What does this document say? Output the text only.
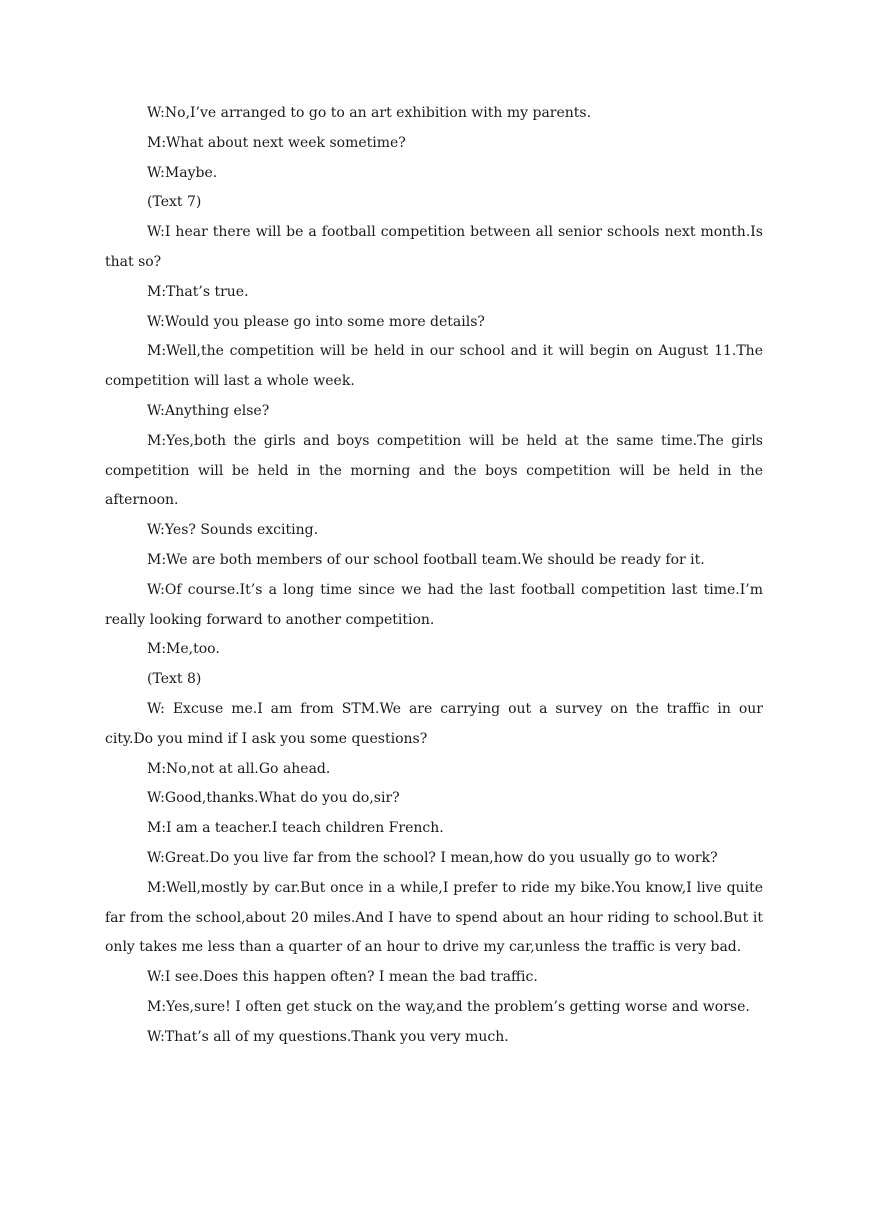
W:No,I’ve arranged to go to an art exhibition with my parents.

M:What about next week sometime?

W:Maybe.

(Text 7)

W:I hear there will be a football competition between all senior schools next month.Is that so?

M:That’s true.

W:Would you please go into some more details?

M:Well,the competition will be held in our school and it will begin on August 11.The competition will last a whole week.

W:Anything else?

M:Yes,both the girls and boys competition will be held at the same time.The girls competition will be held in the morning and the boys competition will be held in the afternoon.

W:Yes? Sounds exciting.

M:We are both members of our school football team.We should be ready for it.

W:Of course.It’s a long time since we had the last football competition last time.I’m really looking forward to another competition.

M:Me,too.

(Text 8)

W: Excuse me.I am from STM.We are carrying out a survey on the traffic in our city.Do you mind if I ask you some questions?

M:No,not at all.Go ahead.

W:Good,thanks.What do you do,sir?

M:I am a teacher.I teach children French.

W:Great.Do you live far from the school? I mean,how do you usually go to work?

M:Well,mostly by car.But once in a while,I prefer to ride my bike.You know,I live quite far from the school,about 20 miles.And I have to spend about an hour riding to school.But it only takes me less than a quarter of an hour to drive my car,unless the traffic is very bad.

W:I see.Does this happen often? I mean the bad traffic.

M:Yes,sure! I often get stuck on the way,and the problem’s getting worse and worse.

W:That’s all of my questions.Thank you very much.
